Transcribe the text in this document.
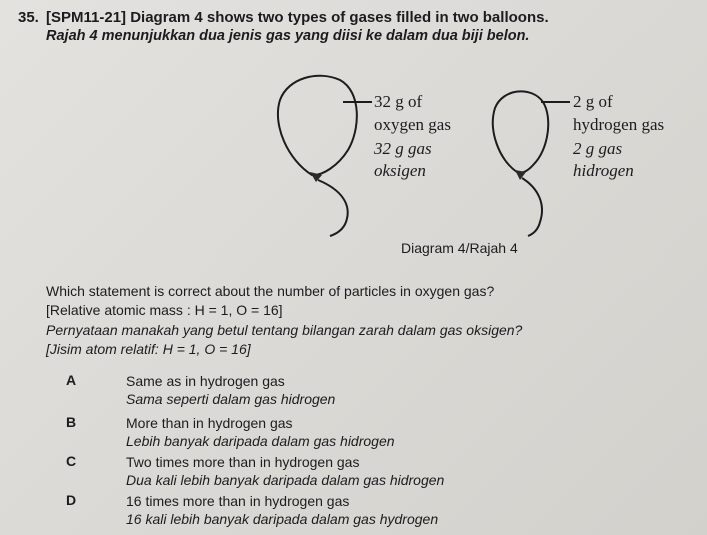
35. [SPM11-21] Diagram 4 shows two types of gases filled in two balloons.
Rajah 4 menunjukkan dua jenis gas yang diisi ke dalam dua biji belon.
32 g of
oxygen gas
32 g gas
oksigen
2 g of
hydrogen gas
2 g gas
hidrogen
Diagram 4/Rajah 4
Which statement is correct about the number of particles in oxygen gas?
[Relative atomic mass : H = 1, O = 16]
Pernyataan manakah yang betul tentang bilangan zarah dalam gas oksigen?
[Jisim atom relatif: H = 1, O = 16]
A	Same as in hydrogen gas
Sama seperti dalam gas hidrogen
B	More than in hydrogen gas
Lebih banyak daripada dalam gas hidrogen
C	Two times more than in hydrogen gas
Dua kali lebih banyak daripada dalam gas hidrogen
D	16 times more than in hydrogen gas
16 kali lebih banyak daripada dalam gas hydrogen
